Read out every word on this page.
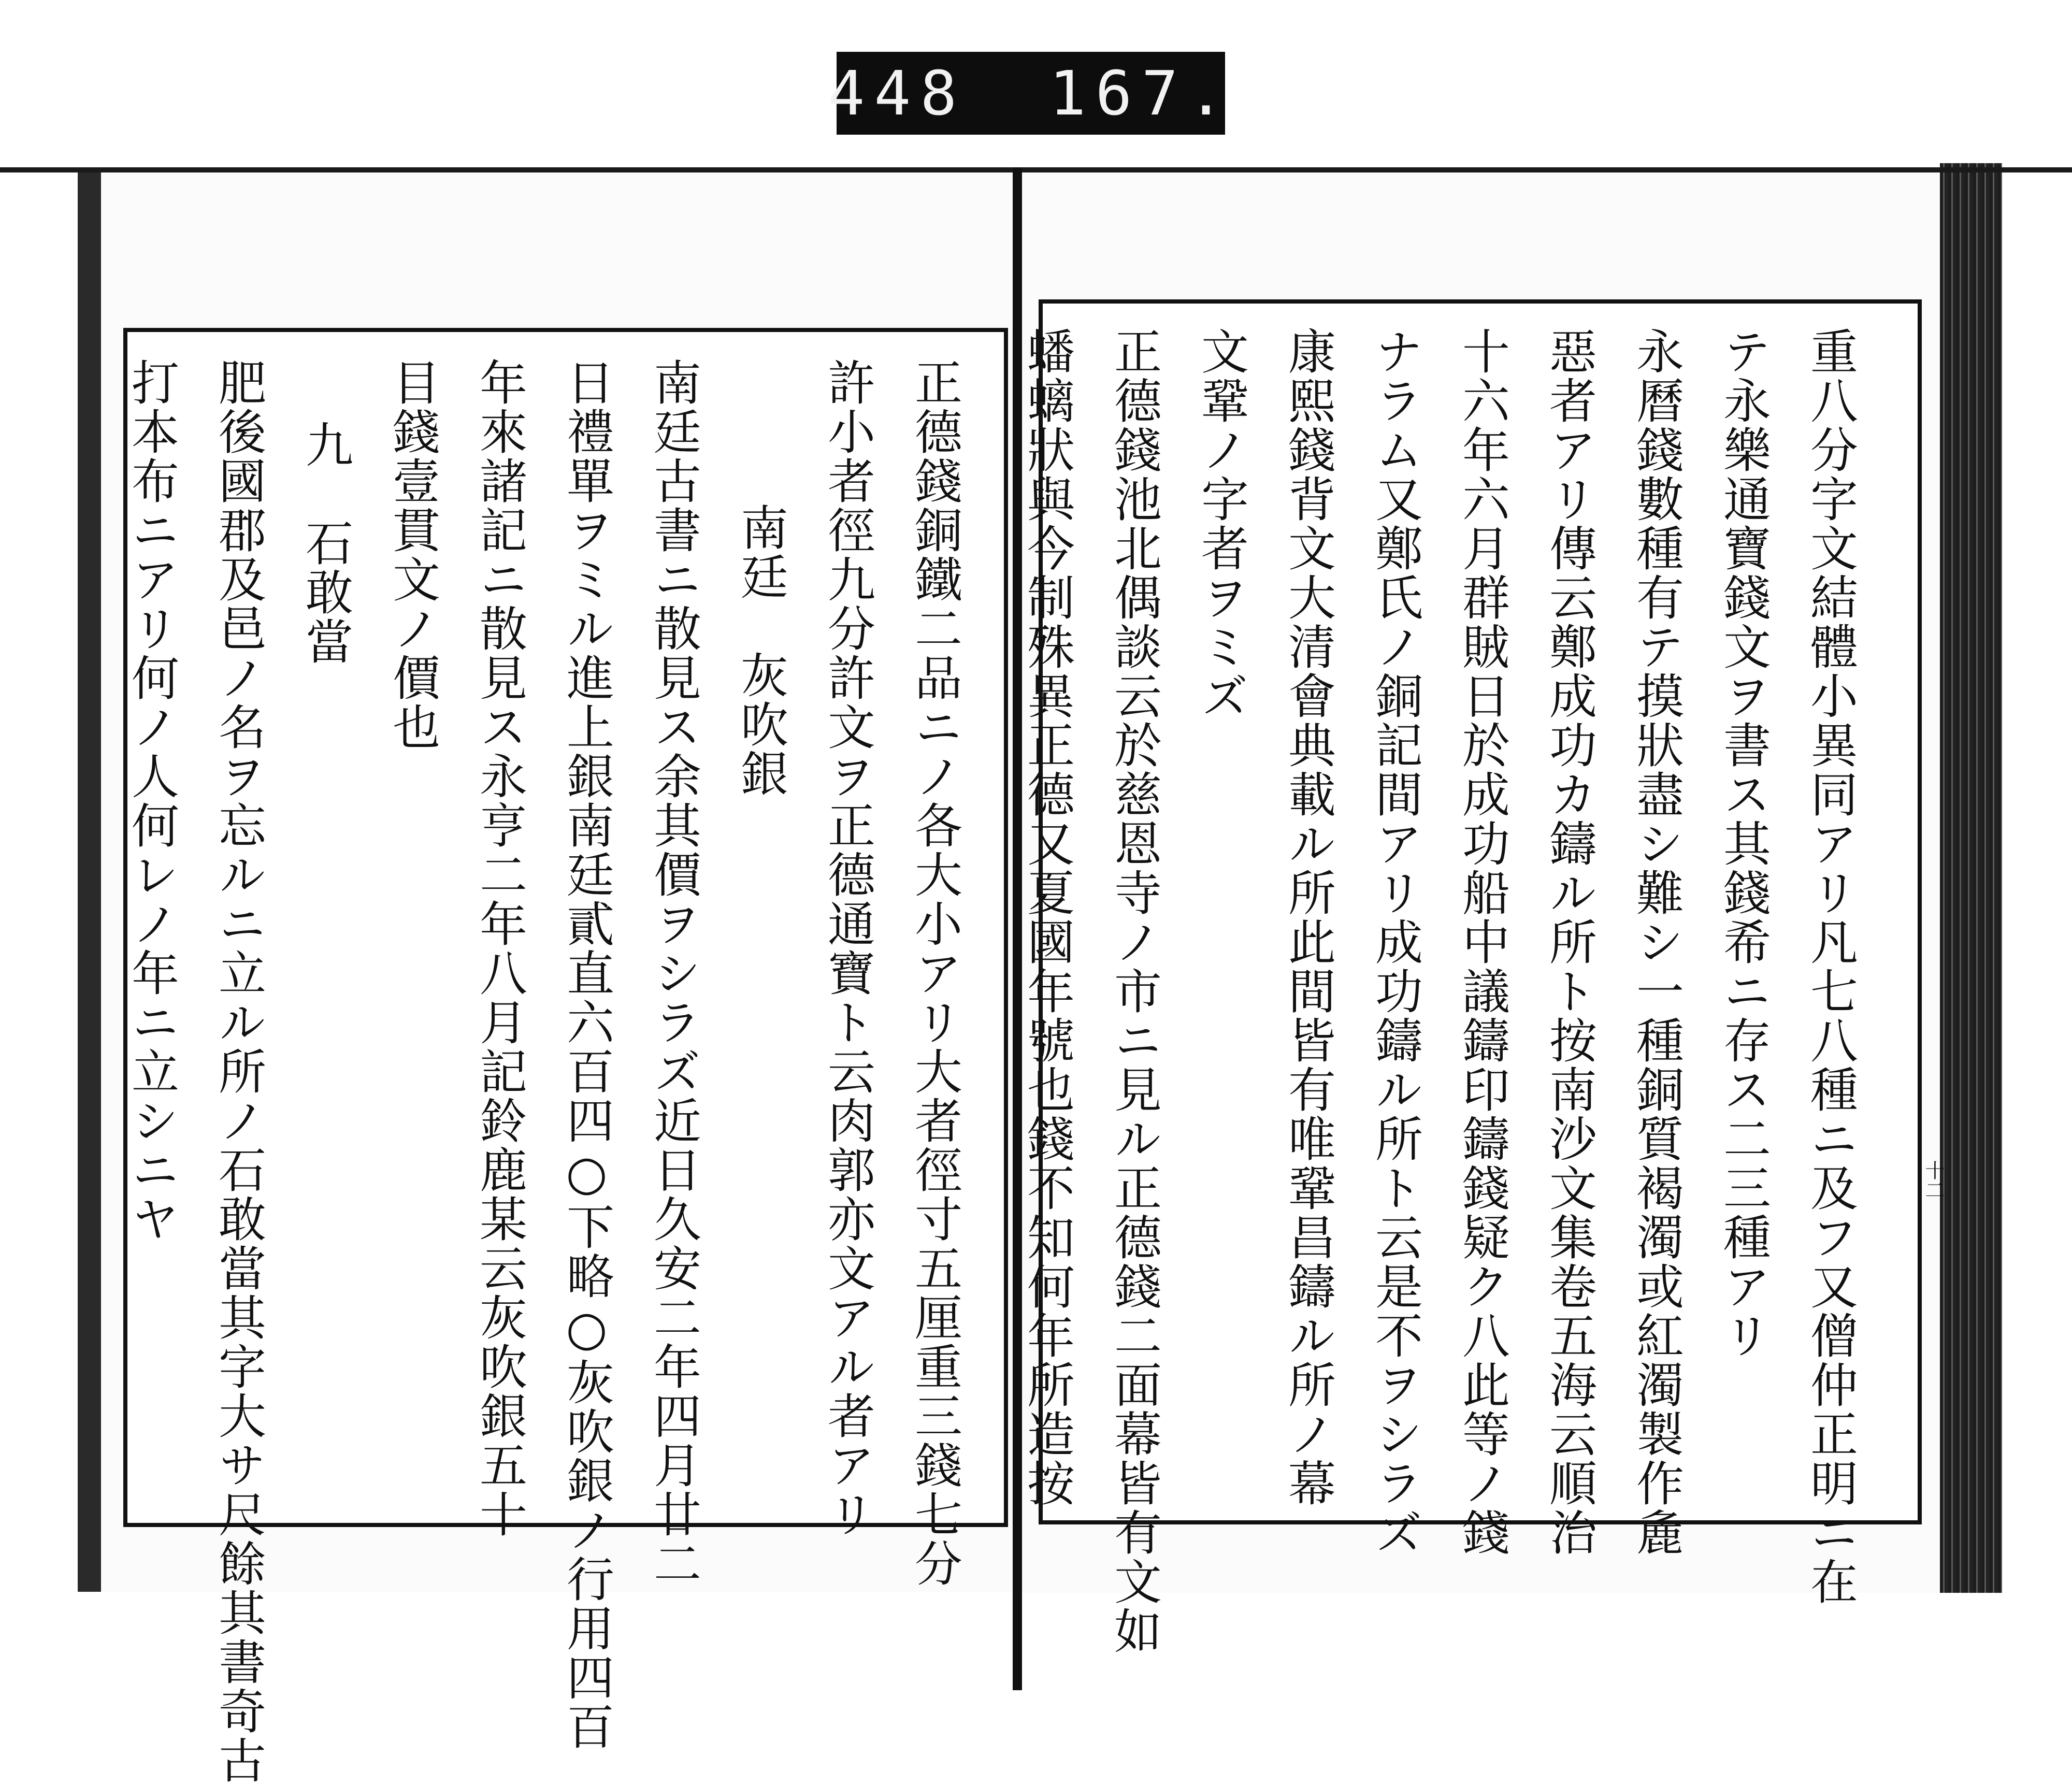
448 167.
十二
重八分字文結體小異同アリ凡七八種ニ及フ又僧仲正明ニ在
テ永樂通寶錢文ヲ書ス其錢希ニ存ス二三種アリ
永曆錢數種有テ摸狀盡シ難シ一種銅質褐濁或紅濁製作麁
惡者アリ傳云鄭成功カ鑄ル所ト按南沙文集卷五海云順治
十六年六月群賊日於成功船中議鑄印鑄錢疑ク八此等ノ錢
ナラム又鄭氏ノ銅記間アリ成功鑄ル所ト云是不ヲシラズ
康熙錢背文大清會典載ル所此間皆有唯鞏昌鑄ル所ノ幕
文鞏ノ字者ヲミズ
正德錢池北偶談云於慈恩寺ノ市ニ見ル正德錢二面幕皆有文如
蟠螭狀與今制殊異正德又夏國年號也錢不知何年所造按
正德錢銅鐵二品ニノ各大小アリ大者徑寸五厘重三錢七分
許小者徑九分許文ヲ正德通寶ト云肉郭亦文アル者アリ
南廷　灰吹銀
南廷古書ニ散見ス余其價ヲシラズ近日久安二年四月廿二
日禮單ヲミル進上銀南廷貳直六百四○下略○灰吹銀ノ行用四百
年來諸記ニ散見ス永亨二年八月記鈴鹿某云灰吹銀五十
目錢壹貫文ノ價也
九　石敢當
肥後國郡及邑ノ名ヲ忘ルニ立ル所ノ石敢當其字大サ尺餘其書奇古
打本布ニアリ何ノ人何レノ年ニ立シニヤ
